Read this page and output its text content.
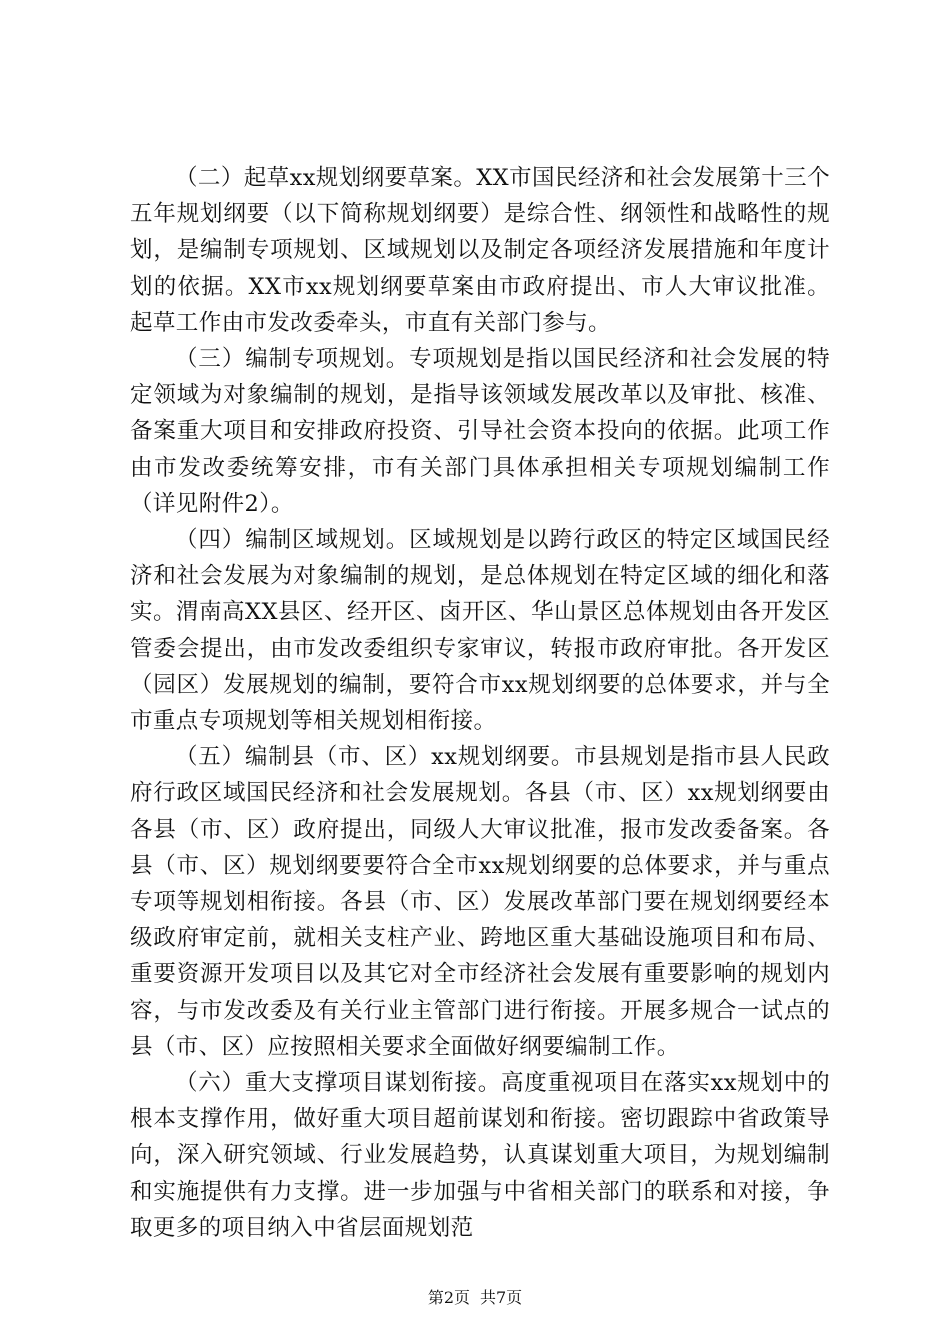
（二）起草xx规划纲要草案。XX市国民经济和社会发展第十三个五年规划纲要（以下简称规划纲要）是综合性、纲领性和战略性的规划，是编制专项规划、区域规划以及制定各项经济发展措施和年度计划的依据。XX市xx规划纲要草案由市政府提出、市人大审议批准。起草工作由市发改委牵头，市直有关部门参与。

（三）编制专项规划。专项规划是指以国民经济和社会发展的特定领域为对象编制的规划，是指导该领域发展改革以及审批、核准、备案重大项目和安排政府投资、引导社会资本投向的依据。此项工作由市发改委统筹安排，市有关部门具体承担相关专项规划编制工作（详见附件2）。

（四）编制区域规划。区域规划是以跨行政区的特定区域国民经济和社会发展为对象编制的规划，是总体规划在特定区域的细化和落实。渭南高XX县区、经开区、卤开区、华山景区总体规划由各开发区管委会提出，由市发改委组织专家审议，转报市政府审批。各开发区（园区）发展规划的编制，要符合市xx规划纲要的总体要求，并与全市重点专项规划等相关规划相衔接。

（五）编制县（市、区）xx规划纲要。市县规划是指市县人民政府行政区域国民经济和社会发展规划。各县（市、区）xx规划纲要由各县（市、区）政府提出，同级人大审议批准，报市发改委备案。各县（市、区）规划纲要要符合全市xx规划纲要的总体要求，并与重点专项等规划相衔接。各县（市、区）发展改革部门要在规划纲要经本级政府审定前，就相关支柱产业、跨地区重大基础设施项目和布局、重要资源开发项目以及其它对全市经济社会发展有重要影响的规划内容，与市发改委及有关行业主管部门进行衔接。开展多规合一试点的县（市、区）应按照相关要求全面做好纲要编制工作。

（六）重大支撑项目谋划衔接。高度重视项目在落实xx规划中的根本支撑作用，做好重大项目超前谋划和衔接。密切跟踪中省政策导向，深入研究领域、行业发展趋势，认真谋划重大项目，为规划编制和实施提供有力支撑。进一步加强与中省相关部门的联系和对接，争取更多的项目纳入中省层面规划范

第2页 共7页
